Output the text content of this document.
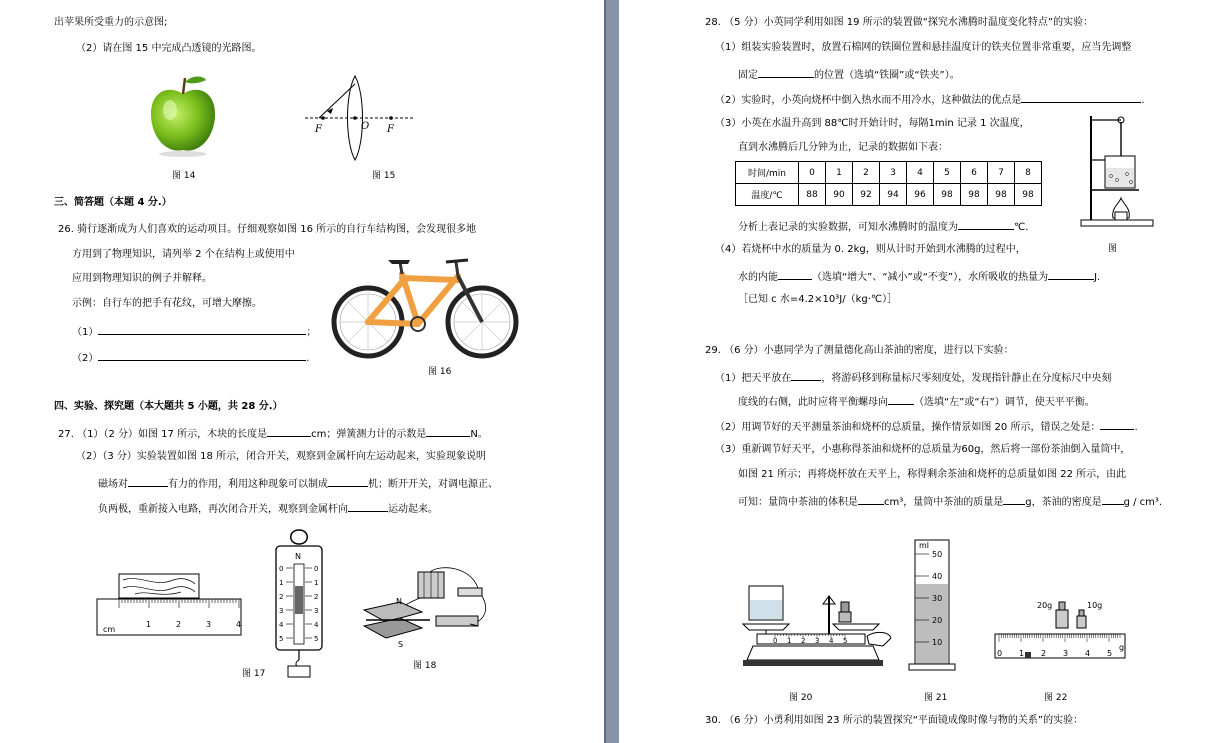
出苹果所受重力的示意图;
（2）请在图 15 中完成凸透镜的光路图。
图 14
F	O F
图 15
三、简答题（本题 4 分.）
26. 骑行逐渐成为人们喜欢的运动项目。仔细观察如图 16 所示的自行车结构图，会发现很多地
方用到了物理知识，请列举 2 个在结构上或使用中
应用到物理知识的例子并解释。
示例：自行车的把手有花纹，可增大摩擦。
（1）	；
（2）	.
图 16
四、实验、探究题（本大题共 5 小题，共 28 分.）
27. （1）（2 分）如图 17 所示，木块的长度是	cm；弹簧测力计的示数是	N。
（2）（3 分）实验装置如图 18 所示，闭合开关，观察到金属杆向左运动起来，实验现象说明
磁场对	有力的作用，利用这种现象可以制成	机；断开开关，对调电源正、
负两极，重新接入电路，再次闭合开关，观察到金属杆向	运动起来。
cm
1	2	3	4
图 17
N
0	0
1	1
2	2
3	3
4	4
5	5
N
S
图 18
28. （5 分）小英同学利用如图 19 所示的装置做“探究水沸腾时温度变化特点”的实验：
（1）组装实验装置时，放置石棉网的铁圈位置和悬挂温度计的铁夹位置非常重要，应当先调整
固定	的位置（选填“铁圈”或“铁夹”）。
（2）实验时，小英向烧杯中倒入热水而不用冷水，这种做法的优点是	.
（3）小英在水温升高到 88℃时开始计时，每隔1min 记录 1 次温度，
直到水沸腾后几分钟为止，记录的数据如下表：
时间/min	0	1	2	3	4	5	6	7	8
温度/℃	88	90	92	94	96	98	98	98	98
分析上表记录的实验数据，可知水沸腾时的温度为	℃.
（4）若烧杯中水的质量为 0. 2kg，则从计时开始到水沸腾的过程中，
水的内能	（选填“增大”、“减小”或“不变”），水所吸收的热量为	J.
［已知 c 水=4.2×10³J/（kg·℃）］
图
29. （6 分）小惠同学为了测量德化高山茶油的密度，进行以下实验：
（1）把天平放在	，将游码移到称量标尺零刻度处，发现指针静止在分度标尺中央刻
度线的右侧，此时应将平衡螺母向	（选填“左”或“右”）调节，使天平平衡。
（2）用调节好的天平测量茶油和烧杯的总质量，操作情景如图 20 所示，错误之处是：	.
（3）重新调节好天平，小惠称得茶油和烧杯的总质量为60g，然后将一部份茶油倒入量筒中，
如图 21 所示；再将烧杯放在天平上，称得剩余茶油和烧杯的总质量如图 22 所示，由此
可知：量筒中茶油的体积是	cm³，量筒中茶油的质量是 g，茶油的密度是 g / cm³.
0 1 2 3 4 5
图 20
ml
50
40
30
20
10
图 21
20g	10g
0 1 2 3 4 5
g
图 22
30. （6 分）小勇利用如图 23 所示的装置探究“平面镜成像时像与物的关系”的实验：
